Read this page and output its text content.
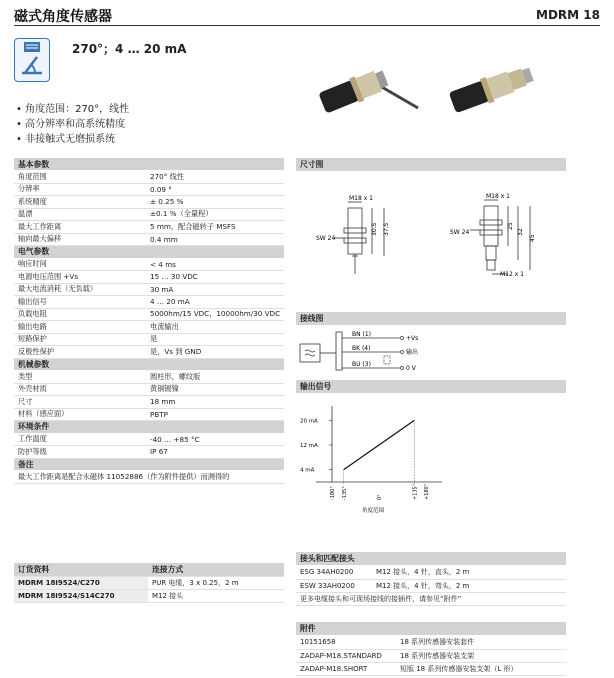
磁式角度传感器	MDRM 18
270°；4 … 20 mA
• 角度范围：270°，线性
• 高分辨率和高系统精度
• 非接触式无磨损系统
基本参数	
角度范围	270° 线性
分辨率	0.09 °
系统精度	± 0.25 %
温漂	±0.1 %（全量程）
最大工作距离	5 mm，配合磁转子 MSFS
轴向最大偏移	0.4 mm
电气参数	
响应时间	< 4 ms
电源电压范围 +Vs	15 … 30 VDC
最大电流消耗（无负载）	30 mA
输出信号	4 … 20 mA
负载电阻	5000hm/15 VDC，10000hm/30 VDC
输出电路	电流输出
短路保护	是
反极性保护	是，Vs 到 GND
机械参数	
类型	圆柱形，螺纹版
外壳材质	黄铜镀镍
尺寸	18 mm
材料（感应面）	PBTP
环境条件	
工作温度	-40 … +85 °C
防护等级	IP 67
备注	
最大工作距离是配合永磁体 11052886（作为附件提供）而测得的	
订货资料	连接方式
MDRM 18I9524/C270	PUR 电缆，3 x 0.25，2 m
MDRM 18I9524/S14C270	M12 接头
尺寸图
M18 x 1
SW 24
30.5 37.5
M18 x 1
SW 24
25
32
45
M12 x 1
接线图
BN (1)
BK (4)
BU (3)
+Vs
输出
0 V
输出信号
4 mA
12 mA
20 mA
-180° -135°	0°	+135° +180°
角度范围
接头和匹配接头
ESG 34AH0200	M12 接头，4 针，直头，2 m
ESW 33AH0200	M12 接头，4 针，弯头，2 m
更多电缆接头和可现场接线的接插件，请参见“附件”	
附件
10151658	18 系列传感器安装套件
ZADAP-M18.STANDARD	18 系列传感器安装支架
ZADAP-M18.SHORT	短版 18 系列传感器安装支架（L 形）
